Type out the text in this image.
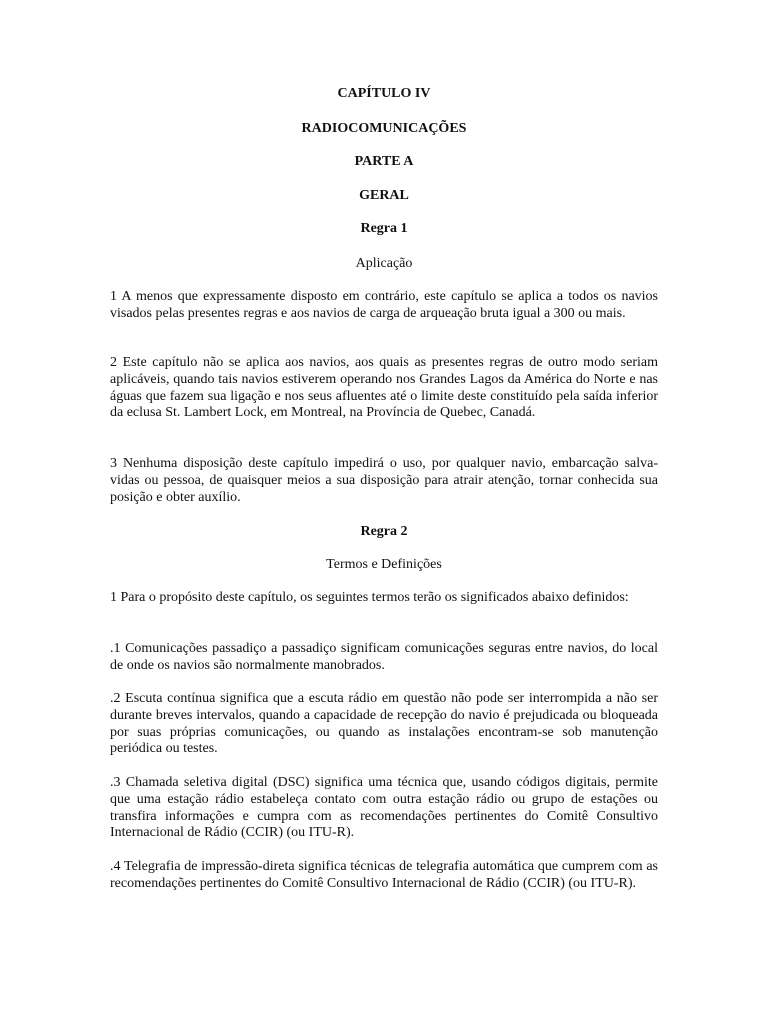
CAPÍTULO IV
RADIOCOMUNICAÇÕES
PARTE A
GERAL
Regra 1
Aplicação

1 A menos que expressamente disposto em contrário, este capítulo se aplica a todos os navios visados pelas presentes regras e aos navios de carga de arqueação bruta igual a 300 ou mais.

2 Este capítulo não se aplica aos navios, aos quais as presentes regras de outro modo seriam aplicáveis, quando tais navios estiverem operando nos Grandes Lagos da América do Norte e nas águas que fazem sua ligação e nos seus afluentes até o limite deste constituído pela saída inferior da eclusa St. Lambert Lock, em Montreal, na Província de Quebec, Canadá.

3 Nenhuma disposição deste capítulo impedirá o uso, por qualquer navio, embarcação salva-vidas ou pessoa, de quaisquer meios a sua disposição para atrair atenção, tornar conhecida sua posição e obter auxílio.

Regra 2
Termos e Definições

1 Para o propósito deste capítulo, os seguintes termos terão os significados abaixo definidos:

.1 Comunicações passadiço a passadiço significam comunicações seguras entre navios, do local de onde os navios são normalmente manobrados.

.2 Escuta contínua significa que a escuta rádio em questão não pode ser interrompida a não ser durante breves intervalos, quando a capacidade de recepção do navio é prejudicada ou bloqueada por suas próprias comunicações, ou quando as instalações encontram-se sob manutenção periódica ou testes.

.3 Chamada seletiva digital (DSC) significa uma técnica que, usando códigos digitais, permite que uma estação rádio estabeleça contato com outra estação rádio ou grupo de estações ou transfira informações e cumpra com as recomendações pertinentes do Comitê Consultivo Internacional de Rádio (CCIR) (ou ITU-R).

.4 Telegrafia de impressão-direta significa técnicas de telegrafia automática que cumprem com as recomendações pertinentes do Comitê Consultivo Internacional de Rádio (CCIR) (ou ITU-R).
